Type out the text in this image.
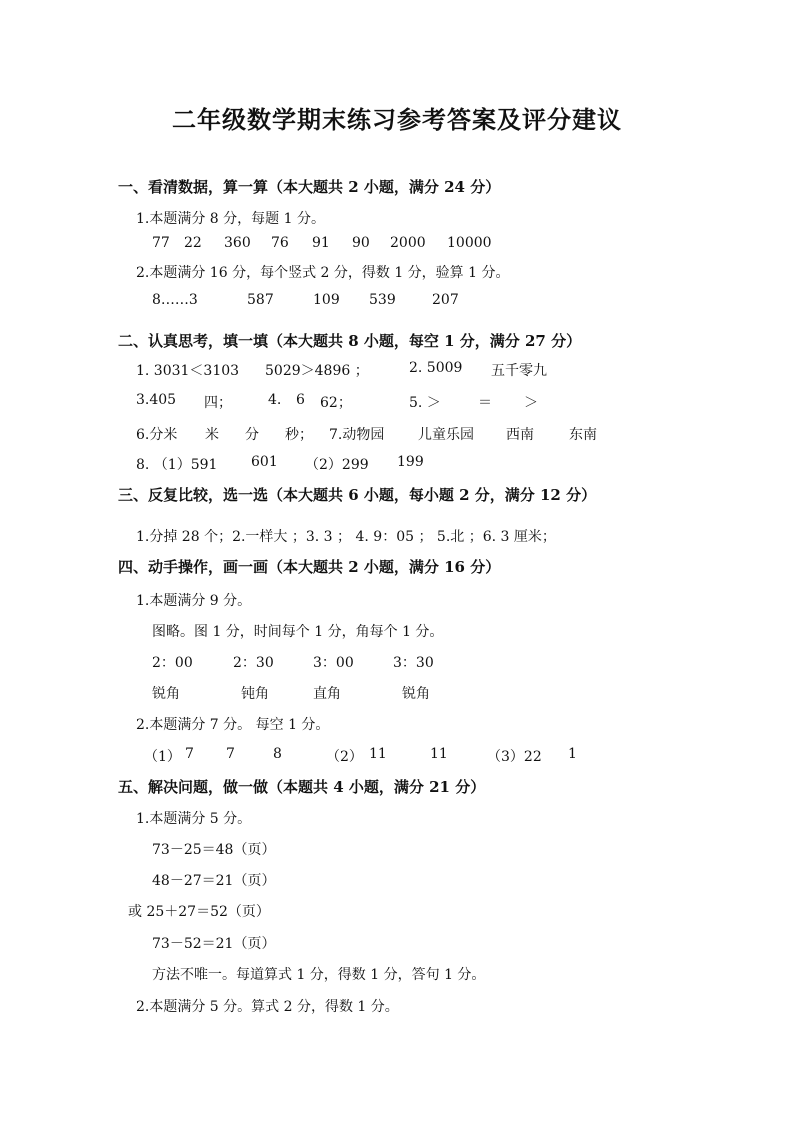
二年级数学期末练习参考答案及评分建议
一、看清数据，算一算（本大题共 2 小题，满分 24 分）
1.本题满分 8 分，每题 1 分。
77 22 360 76 91 90 2000 10000
2.本题满分 16 分，每个竖式 2 分，得数 1 分，验算 1 分。
8……3	587	109 539	207
二、认真思考，填一填（本大题共 8 小题，每空 1 分，满分 27 分）
1. 3031＜3103 5029＞4896 ；	2. 5009 五千零九
3.405 四；	4. 6 62；	5. ＞	＝ ＞
6.分米 米 分 秒； 7.动物园 儿童乐园 西南	东南
8. （1）591 601 （2）299 199
三、反复比较，选一选（本大题共 6 小题，每小题 2 分，满分 12 分）
1.分掉 28 个；2.一样大 ；3. 3 ； 4. 9：05 ； 5.北 ；6. 3 厘米；
四、动手操作，画一画（本大题共 2 小题，满分 16 分）
1.本题满分 9 分。
图略。图 1 分，时间每个 1 分，角每个 1 分。
2：00	2：30	3：00	3：30
锐角	钝角	直角	锐角
2.本题满分 7 分。 每空 1 分。
（1） 7 7	8	（2） 11	11	（3）22 1
五、解决问题，做一做（本题共 4 小题，满分 21 分）
1.本题满分 5 分。
73－25＝48（页）
48－27＝21（页）
或 25＋27＝52（页）
73－52＝21（页）
方法不唯一。每道算式 1 分，得数 1 分，答句 1 分。
2.本题满分 5 分。算式 2 分，得数 1 分。
